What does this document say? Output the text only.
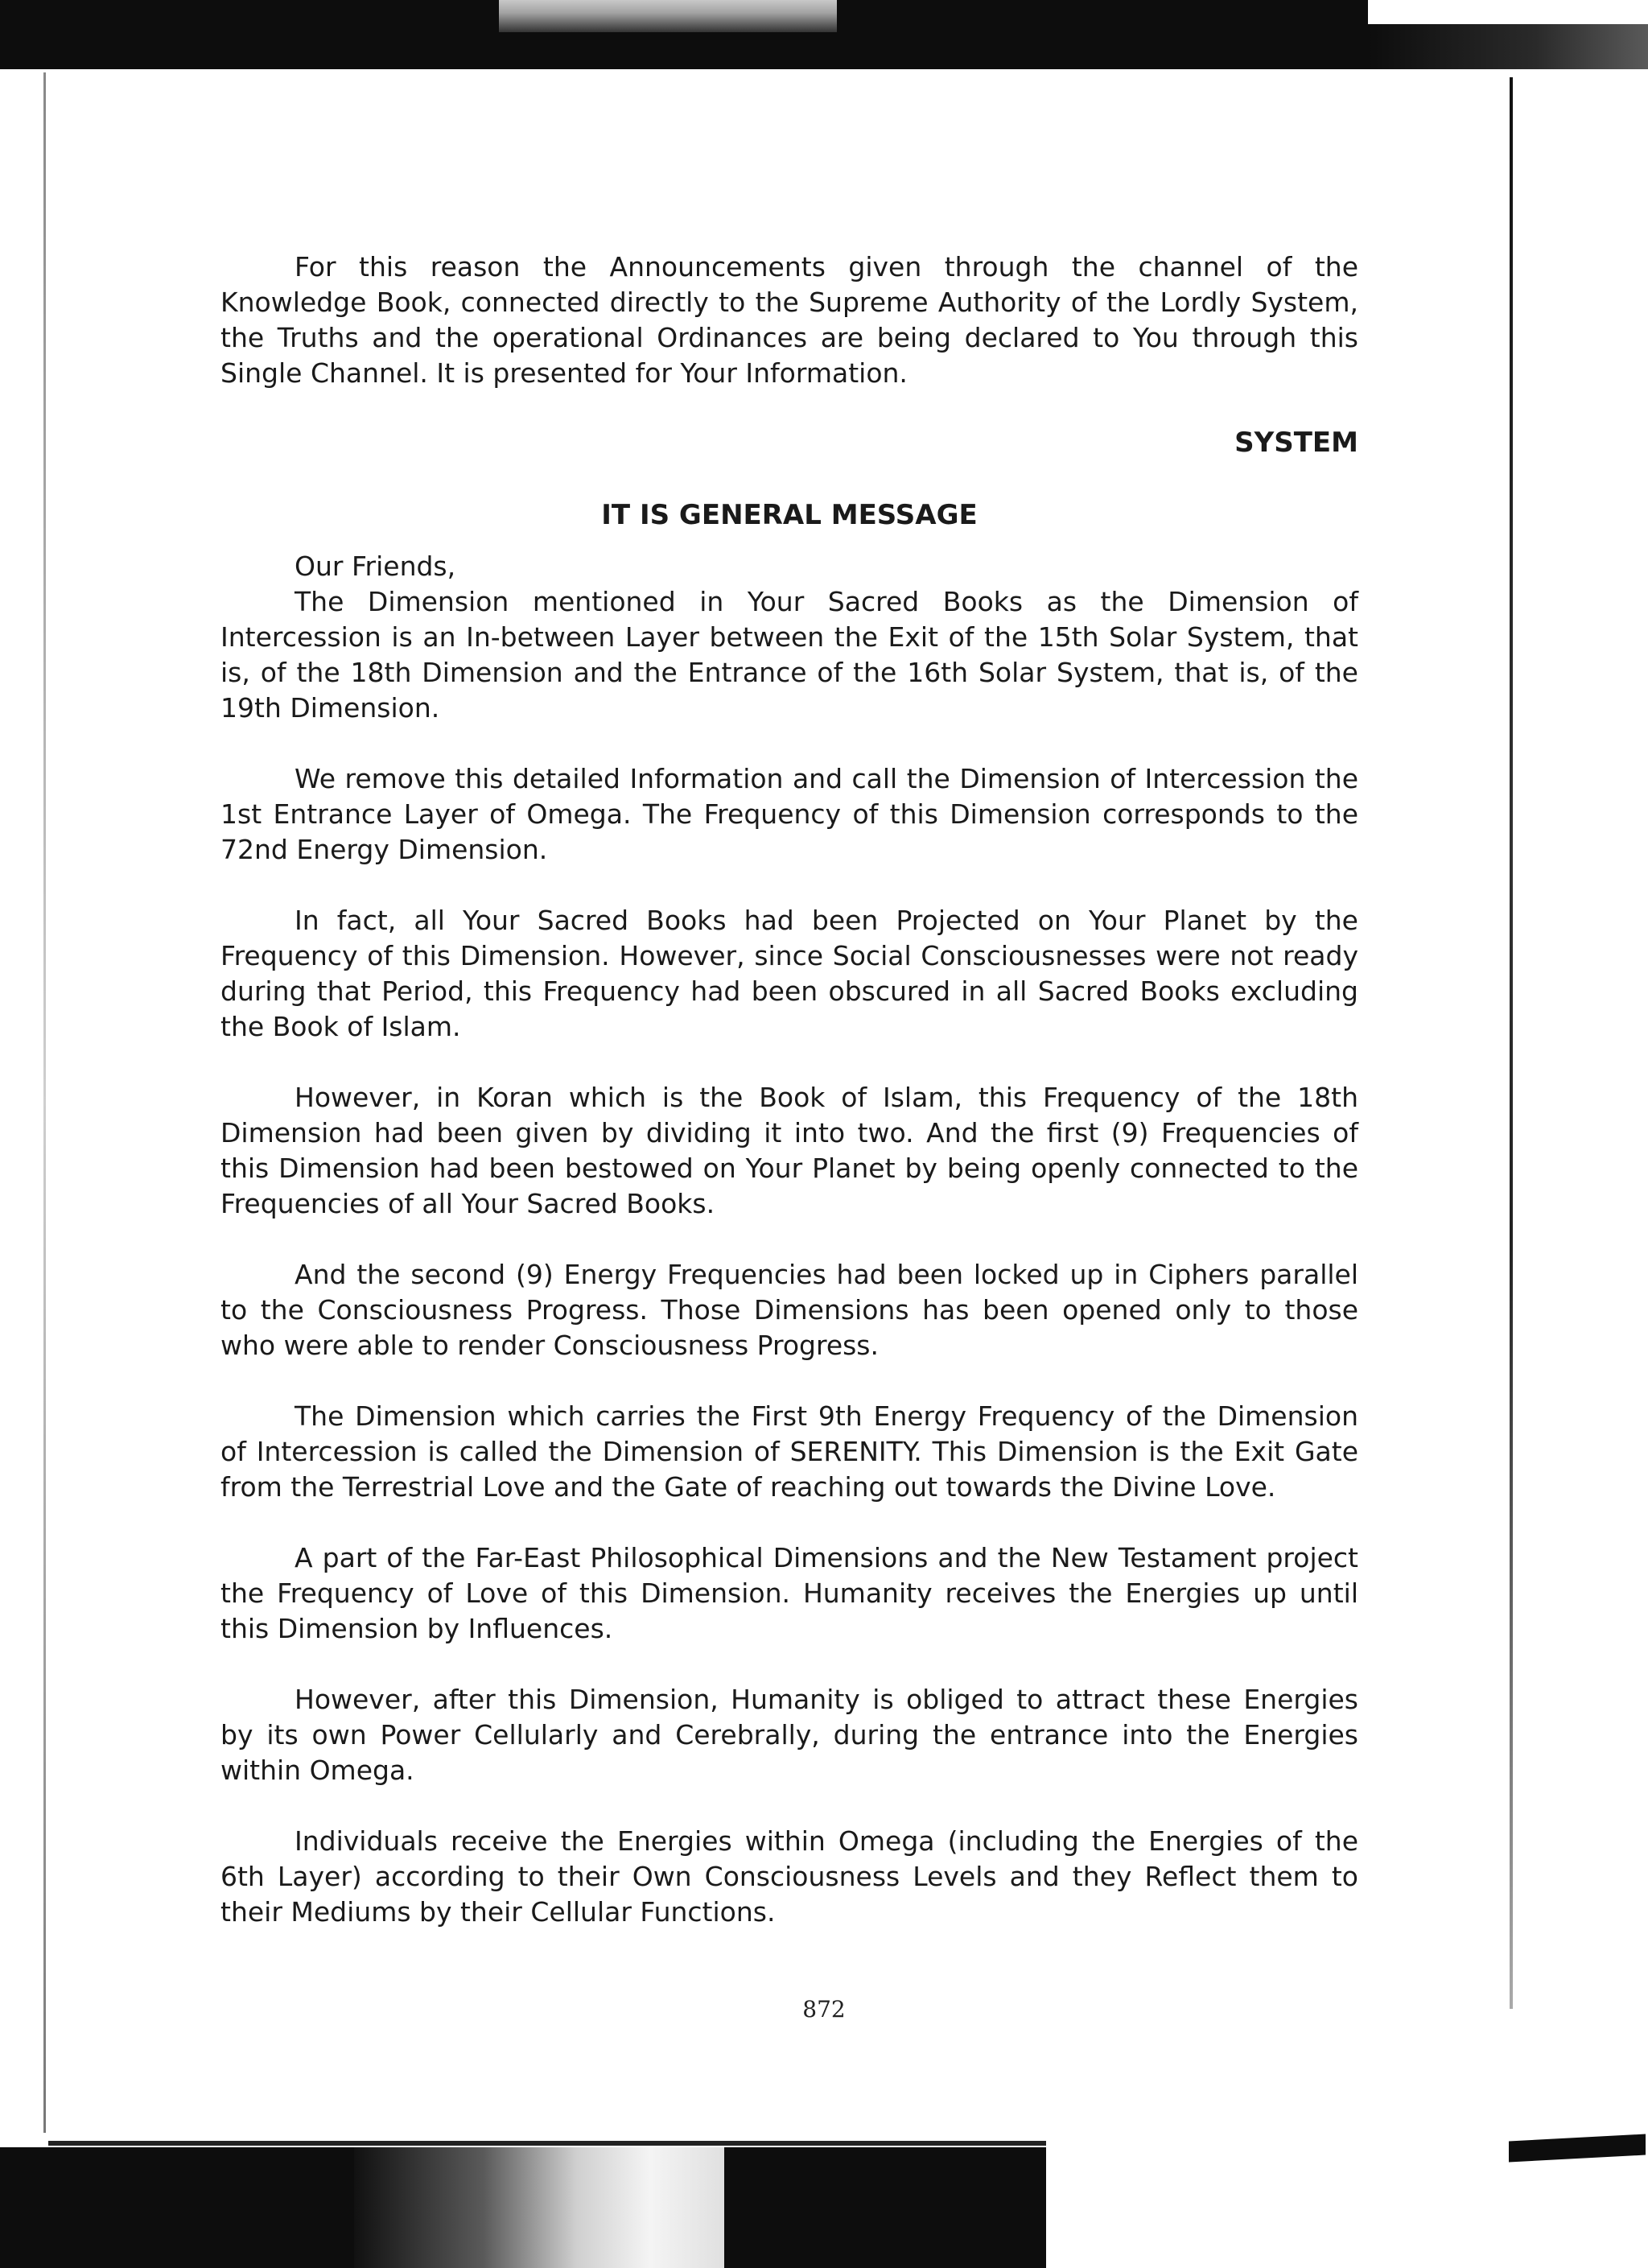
For this reason the Announcements given through the channel of the Knowledge Book, connected directly to the Supreme Authority of the Lordly System, the Truths and the operational Ordinances are being declared to You through this Single Channel. It is presented for Your Information.

SYSTEM

IT IS GENERAL MESSAGE

Our Friends,

The Dimension mentioned in Your Sacred Books as the Dimension of Intercession is an In-between Layer between the Exit of the 15th Solar System, that is, of the 18th Dimension and the Entrance of the 16th Solar System, that is, of the 19th Dimension.

We remove this detailed Information and call the Dimension of Intercession the 1st Entrance Layer of Omega. The Frequency of this Dimension corresponds to the 72nd Energy Dimension.

In fact, all Your Sacred Books had been Projected on Your Planet by the Frequency of this Dimension. However, since Social Consciousnesses were not ready during that Period, this Frequency had been obscured in all Sacred Books excluding the Book of Islam.

However, in Koran which is the Book of Islam, this Frequency of the 18th Dimension had been given by dividing it into two. And the first (9) Frequencies of this Dimension had been bestowed on Your Planet by being openly connected to the Frequencies of all Your Sacred Books.

And the second (9) Energy Frequencies had been locked up in Ciphers parallel to the Consciousness Progress. Those Dimensions has been opened only to those who were able to render Consciousness Progress.

The Dimension which carries the First 9th Energy Frequency of the Dimension of Intercession is called the Dimension of SERENITY. This Dimension is the Exit Gate from the Terrestrial Love and the Gate of reaching out towards the Divine Love.

A part of the Far-East Philosophical Dimensions and the New Testament project the Frequency of Love of this Dimension. Humanity receives the Energies up until this Dimension by Influences.

However, after this Dimension, Humanity is obliged to attract these Energies by its own Power Cellularly and Cerebrally, during the entrance into the Energies within Omega.

Individuals receive the Energies within Omega (including the Energies of the 6th Layer) according to their Own Consciousness Levels and they Reflect them to their Mediums by their Cellular Functions.

872
